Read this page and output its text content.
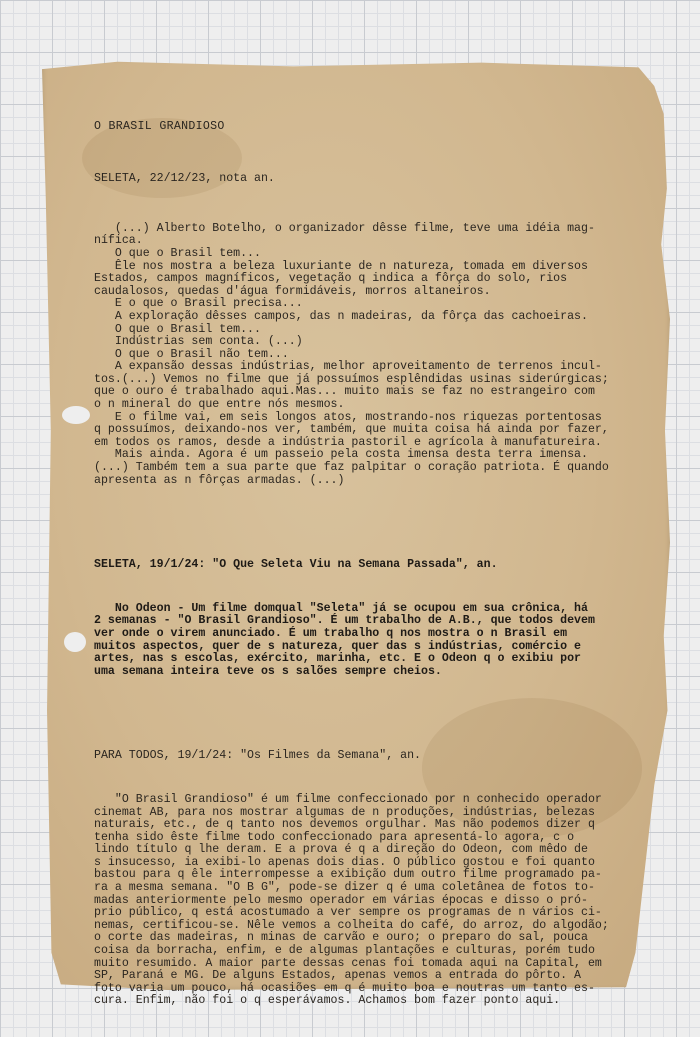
O BRASIL GRANDIOSO

SELETA, 22/12/23, nota an.

(...) Alberto Botelho, o organizador dêsse filme, teve uma idéia mag-
nífica.
O que o Brasil tem...
Êle nos mostra a beleza luxuriante de n natureza, tomada em diversos
Estados, campos magníficos, vegetação q indica a fôrça do solo, rios
caudalosos, quedas d'água formidáveis, morros altaneiros.
E o que o Brasil precisa...
A exploração dêsses campos, das n madeiras, da fôrça das cachoeiras.
O que o Brasil tem...
Indústrias sem conta. (...)
O que o Brasil não tem...
A expansão dessas indústrias, melhor aproveitamento de terrenos incul-
tos.(...) Vemos no filme que já possuímos esplêndidas usinas siderúrgicas;
que o ouro é trabalhado aqui.Mas... muito mais se faz no estrangeiro com
o n mineral do que entre nós mesmos.
E o filme vai, em seis longos atos, mostrando-nos riquezas portentosas
q possuímos, deixando-nos ver, também, que muita coisa há ainda por fazer,
em todos os ramos, desde a indústria pastoril e agrícola à manufatureira.
Mais ainda. Agora é um passeio pela costa imensa desta terra imensa.
(...) Também tem a sua parte que faz palpitar o coração patriota. É quando
apresenta as n fôrças armadas. (...)

SELETA, 19/1/24: "O Que Seleta Viu na Semana Passada", an.

No Odeon - Um filme domqual "Seleta" já se ocupou em sua crônica, há
2 semanas - "O Brasil Grandioso". É um trabalho de A.B., que todos devem
ver onde o virem anunciado. É um trabalho q nos mostra o n Brasil em
muitos aspectos, quer de s natureza, quer das s indústrias, comércio e
artes, nas s escolas, exército, marinha, etc. E o Odeon q o exibiu por
uma semana inteira teve os s salões sempre cheios.

PARA TODOS, 19/1/24: "Os Filmes da Semana", an.

"O Brasil Grandioso" é um filme confeccionado por n conhecido operador
cinemat AB, para nos mostrar algumas de n produções, indústrias, belezas
naturais, etc., de q tanto nos devemos orgulhar. Mas não podemos dizer q
tenha sido êste filme todo confeccionado para apresentá-lo agora, c o
lindo título q lhe deram. E a prova é q a direção do Odeon, com mêdo de
s insucesso, ia exibi-lo apenas dois dias. O público gostou e foi quanto
bastou para q êle interrompesse a exibição dum outro filme programado pa-
ra a mesma semana. "O B G", pode-se dizer q é uma coletânea de fotos to-
madas anteriormente pelo mesmo operador em várias épocas e disso o pró-
prio público, q está acostumado a ver sempre os programas de n vários ci-
nemas, certificou-se. Nêle vemos a colheita do café, do arroz, do algodão;
o corte das madeiras, n minas de carvão e ouro; o preparo do sal, pouca
coisa da borracha, enfim, e de algumas plantações e culturas, porém tudo
muito resumido. A maior parte dessas cenas foi tomada aqui na Capital, em
SP, Paraná e MG. De alguns Estados, apenas vemos a entrada do pôrto. A
foto varia um pouco, há ocasiões em q é muito boa e noutras um tanto es-
cura. Enfim, não foi o q esperávamos. Achamos bom fazer ponto aqui.
